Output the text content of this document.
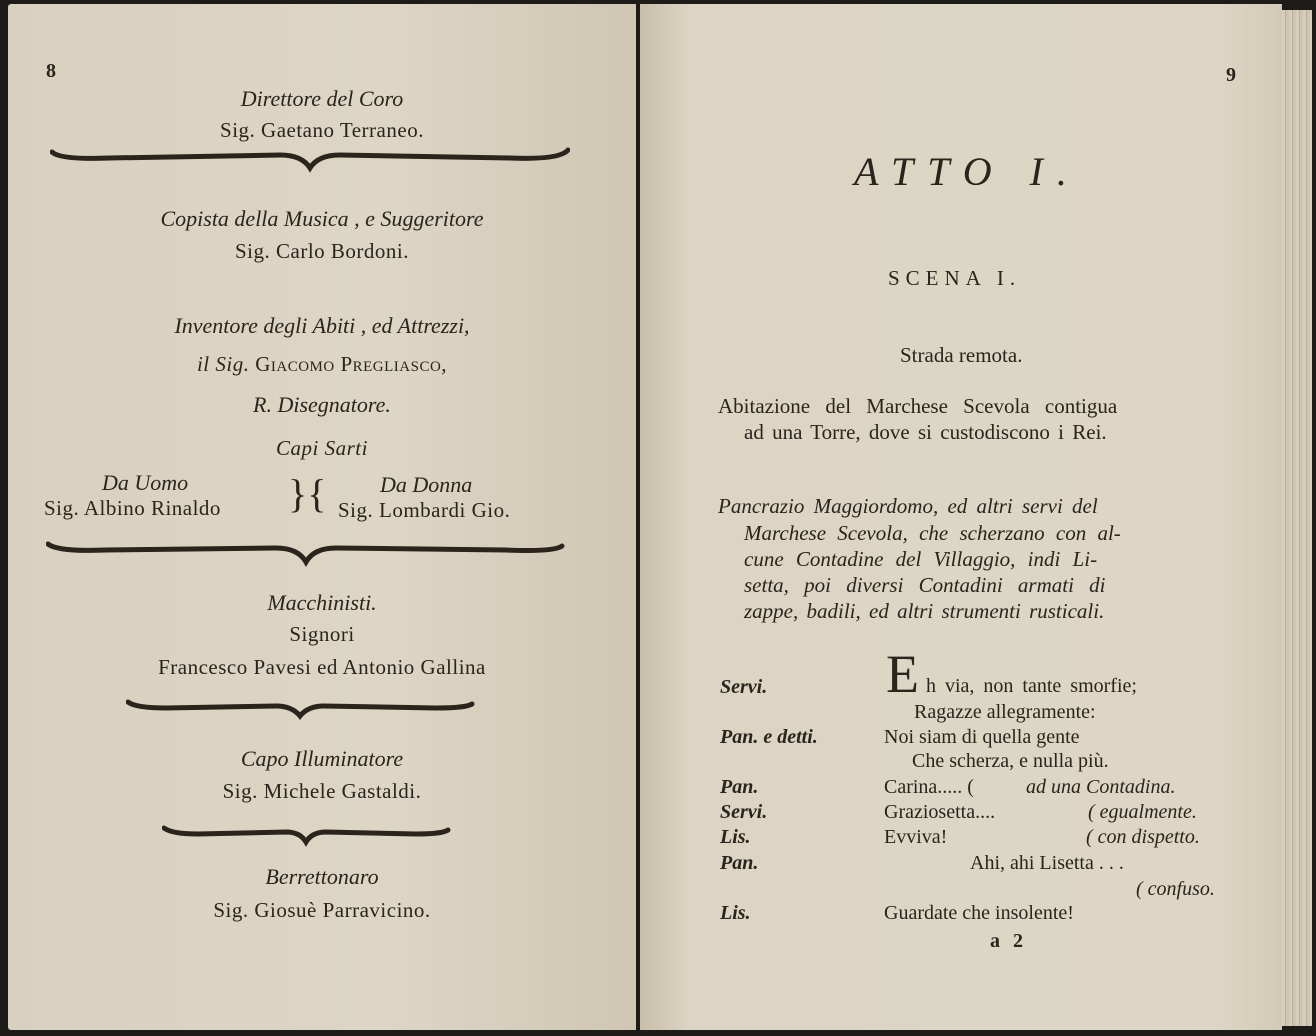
8
Direttore del Coro
Sig. Gaetano Terraneo.
Copista della Musica , e Suggeritore
Sig. Carlo Bordoni.
Inventore degli Abiti , ed Attrezzi,
il Sig. Giacomo Pregliasco,
R. Disegnatore.
Capi Sarti
Da Uomo
Sig. Albino Rinaldo }{ Da Donna
Sig. Lombardi Gio.
Macchinisti.
Signori
Francesco Pavesi ed Antonio Gallina
Capo Illuminatore
Sig. Michele Gastaldi.
Berrettonaro
Sig. Giosuè Parravicino.
9
ATTO I.
SCENA I.
Strada remota.
Abitazione del Marchese Scevola contigua
ad una Torre, dove si custodiscono i Rei.
Pancrazio Maggiordomo, ed altri servi del
Marchese Scevola, che scherzano con al-
cune Contadine del Villaggio, indi Li-
setta, poi diversi Contadini armati di
zappe, badili, ed altri strumenti rusticali.
Servi. E h via, non tante smorfie;
Ragazze allegramente:
Pan. e detti.	Noi siam di quella gente
Che scherza, e nulla più.
Pan.	Carina..... (	ad una Contadina.
Servi.	Graziosetta....	( egualmente.
Lis.	Evviva!	( con dispetto.
Pan.	Ahi, ahi Lisetta . . .
( confuso.
Lis.	Guardate che insolente!
a 2
